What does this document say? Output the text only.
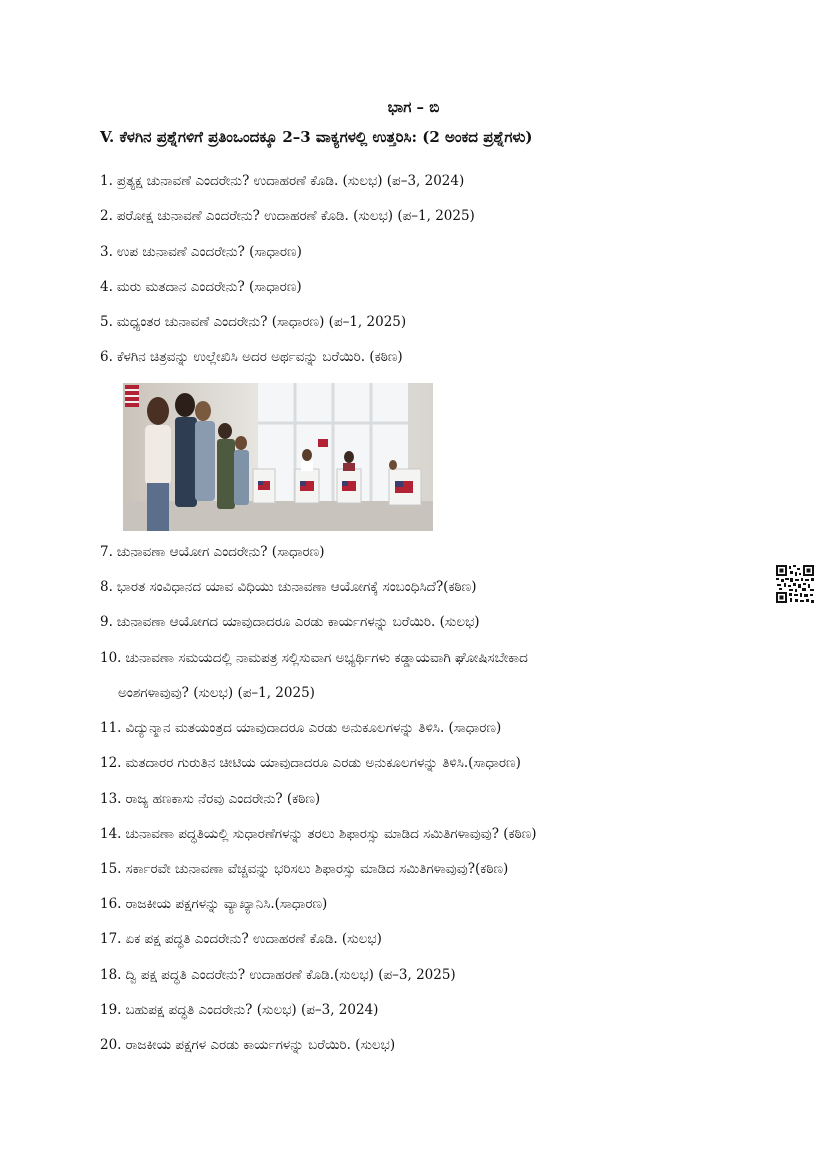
ಭಾಗ – ಬಿ
V. ಕೆಳಗಿನ ಪ್ರಶ್ನೆಗಳಿಗೆ ಪ್ರತಿಂಒಂದಕ್ಕೂ 2–3 ವಾಕ್ಯಗಳಲ್ಲಿ ಉತ್ತರಿಸಿ: (2 ಅಂಕದ ಪ್ರಶ್ನೆಗಳು)
1. ಪ್ರತ್ಯಕ್ಷ ಚುನಾವಣೆ ಎಂದರೇನು? ಉದಾಹರಣೆ ಕೊಡಿ. (ಸುಲಭ) (ಪ–3, 2024)
2. ಪರೋಕ್ಷ ಚುನಾವಣೆ ಎಂದರೇನು? ಉದಾಹರಣೆ ಕೊಡಿ. (ಸುಲಭ) (ಪ–1, 2025)
3. ಉಪ ಚುನಾವಣೆ ಎಂದರೇನು? (ಸಾಧಾರಣ)
4. ಮರು ಮತದಾನ ಎಂದರೇನು? (ಸಾಧಾರಣ)
5. ಮಧ್ಯಂತರ ಚುನಾವಣೆ ಎಂದರೇನು? (ಸಾಧಾರಣ) (ಪ–1, 2025)
6. ಕೆಳಗಿನ ಚಿತ್ರವನ್ನು ಉಲ್ಲೇಖಿಸಿ ಅದರ ಅರ್ಥವನ್ನು ಬರೆಯಿರಿ. (ಕಠಿಣ)
7. ಚುನಾವಣಾ ಆಯೋಗ ಎಂದರೇನು? (ಸಾಧಾರಣ)
8. ಭಾರತ ಸಂವಿಧಾನದ ಯಾವ ವಿಧಿಯು ಚುನಾವಣಾ ಆಯೋಗಕ್ಕೆ ಸಂಬಂಧಿಸಿದೆ?(ಕಠಿಣ)
9. ಚುನಾವಣಾ ಆಯೋಗದ ಯಾವುದಾದರೂ ಎರಡು ಕಾರ್ಯಗಳನ್ನು ಬರೆಯಿರಿ. (ಸುಲಭ)
10. ಚುನಾವಣಾ ಸಮಯದಲ್ಲಿ ನಾಮಪತ್ರ ಸಲ್ಲಿಸುವಾಗ ಅಭ್ಯರ್ಥಿಗಳು ಕಡ್ಡಾಯವಾಗಿ ಘೋಷಿಸಬೇಕಾದ
ಅಂಶಗಳಾವುವು? (ಸುಲಭ) (ಪ–1, 2025)
11. ವಿದ್ಯುನ್ಮಾನ ಮತಯಂತ್ರದ ಯಾವುದಾದರೂ ಎರಡು ಅನುಕೂಲಗಳನ್ನು ತಿಳಿಸಿ. (ಸಾಧಾರಣ)
12. ಮತದಾರರ ಗುರುತಿನ ಚೀಟಿಯ ಯಾವುದಾದರೂ ಎರಡು ಅನುಕೂಲಗಳನ್ನು ತಿಳಿಸಿ.(ಸಾಧಾರಣ)
13. ರಾಜ್ಯ ಹಣಕಾಸು ನೆರವು ಎಂದರೇನು? (ಕಠಿಣ)
14. ಚುನಾವಣಾ ಪದ್ಧತಿಯಲ್ಲಿ ಸುಧಾರಣೆಗಳನ್ನು ತರಲು ಶಿಫಾರಸ್ಸು ಮಾಡಿದ ಸಮಿತಿಗಳಾವುವು? (ಕಠಿಣ)
15. ಸರ್ಕಾರವೇ ಚುನಾವಣಾ ವೆಚ್ಚವನ್ನು ಭರಿಸಲು ಶಿಫಾರಸ್ಸು ಮಾಡಿದ ಸಮಿತಿಗಳಾವುವು?(ಕಠಿಣ)
16. ರಾಜಕೀಯ ಪಕ್ಷಗಳನ್ನು ವ್ಯಾಖ್ಯಾನಿಸಿ.(ಸಾಧಾರಣ)
17. ಏಕ ಪಕ್ಷ ಪದ್ಧತಿ ಎಂದರೇನು? ಉದಾಹರಣೆ ಕೊಡಿ. (ಸುಲಭ)
18. ದ್ವಿ ಪಕ್ಷ ಪದ್ಧತಿ ಎಂದರೇನು? ಉದಾಹರಣೆ ಕೊಡಿ.(ಸುಲಭ) (ಪ–3, 2025)
19. ಬಹುಪಕ್ಷ ಪದ್ಧತಿ ಎಂದರೇನು? (ಸುಲಭ) (ಪ–3, 2024)
20. ರಾಜಕೀಯ ಪಕ್ಷಗಳ ಎರಡು ಕಾರ್ಯಗಳನ್ನು ಬರೆಯಿರಿ. (ಸುಲಭ)
